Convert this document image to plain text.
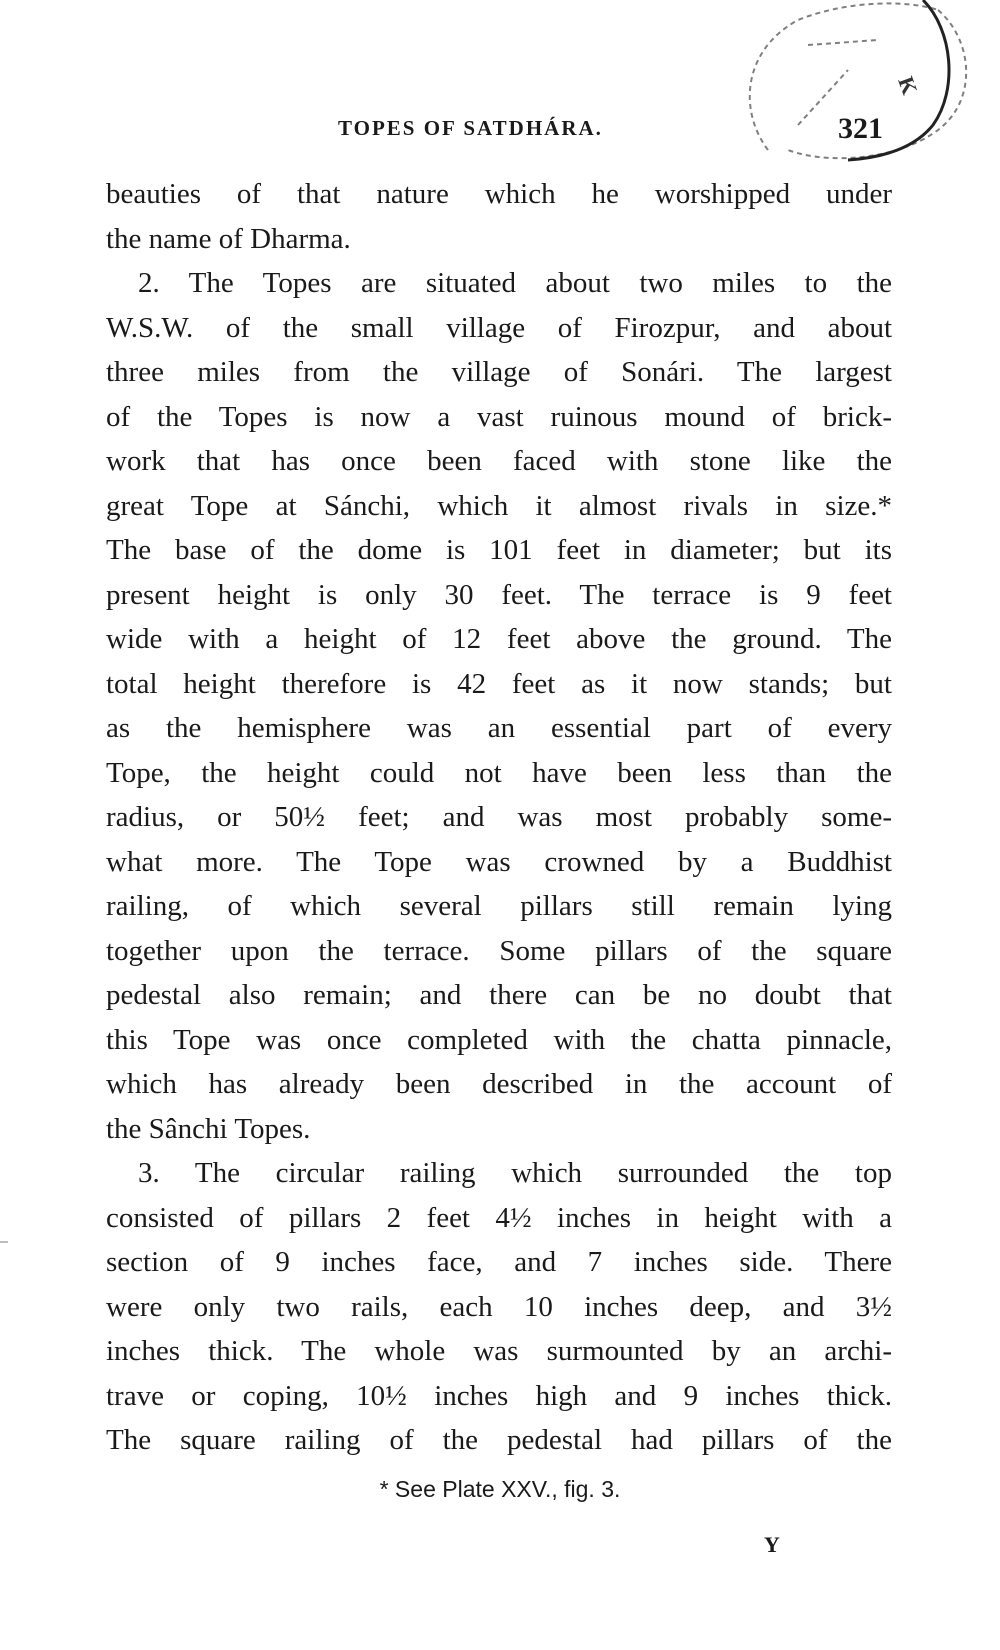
K
TOPES OF SATDHÁRA.	321
beauties of that nature which he worshipped under
the name of Dharma.
2. The Topes are situated about two miles to the
W.S.W. of the small village of Firozpur, and about
three miles from the village of Sonári. The largest
of the Topes is now a vast ruinous mound of brick-
work that has once been faced with stone like the
great Tope at Sánchi, which it almost rivals in size.*
The base of the dome is 101 feet in diameter; but its
present height is only 30 feet. The terrace is 9 feet
wide with a height of 12 feet above the ground. The
total height therefore is 42 feet as it now stands; but
as the hemisphere was an essential part of every
Tope, the height could not have been less than the
radius, or 50½ feet; and was most probably some-
what more. The Tope was crowned by a Buddhist
railing, of which several pillars still remain lying
together upon the terrace. Some pillars of the square
pedestal also remain; and there can be no doubt that
this Tope was once completed with the chatta pinnacle,
which has already been described in the account of
the Sânchi Topes.
3. The circular railing which surrounded the top
consisted of pillars 2 feet 4½ inches in height with a
section of 9 inches face, and 7 inches side. There
were only two rails, each 10 inches deep, and 3½
inches thick. The whole was surmounted by an archi-
trave or coping, 10½ inches high and 9 inches thick.
The square railing of the pedestal had pillars of the
* See Plate XXV., fig. 3.
Y
